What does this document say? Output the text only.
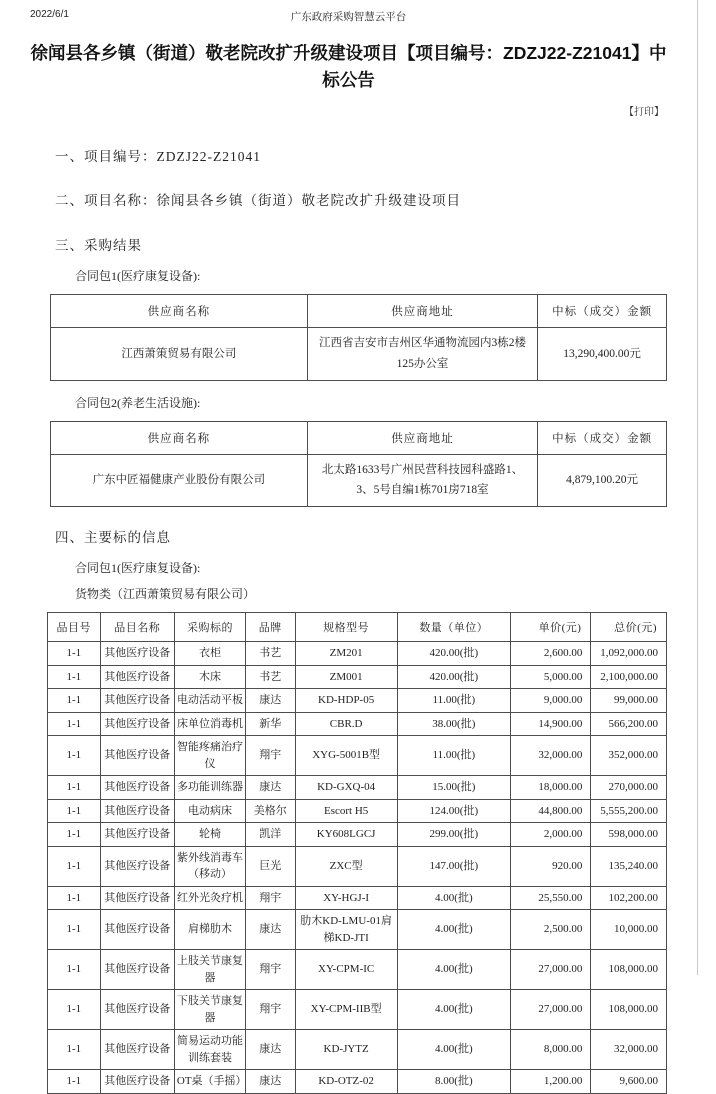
2022/6/1	广东政府采购智慧云平台
徐闻县各乡镇（街道）敬老院改扩升级建设项目【项目编号：ZDZJ22-Z21041】中标公告
【打印】
一、项目编号：ZDZJ22-Z21041
二、项目名称：徐闻县各乡镇（街道）敬老院改扩升级建设项目
三、采购结果
合同包1(医疗康复设备):
供应商名称	供应商地址	中标（成交）金额
江西萧策贸易有限公司	江西省吉安市吉州区华通物流园内3栋2楼125办公室	13,290,400.00元
合同包2(养老生活设施):
供应商名称	供应商地址	中标（成交）金额
广东中匠福健康产业股份有限公司	北太路1633号广州民营科技园科盛路1、3、5号自编1栋701房718室	4,879,100.20元
四、主要标的信息
合同包1(医疗康复设备):
货物类（江西萧策贸易有限公司）
品目号	品目名称	采购标的	品牌	规格型号	数量（单位）	单价(元)	总价(元)
1-1	其他医疗设备	衣柜	书艺	ZM201	420.00(批)	2,600.00	1,092,000.00
1-1	其他医疗设备	木床	书艺	ZM001	420.00(批)	5,000.00	2,100,000.00
1-1	其他医疗设备	电动活动平板	康达	KD-HDP-05	11.00(批)	9,000.00	99,000.00
1-1	其他医疗设备	床单位消毒机	新华	CBR.D	38.00(批)	14,900.00	566,200.00
1-1	其他医疗设备	智能疼痛治疗仪	翔宇	XYG-5001B型	11.00(批)	32,000.00	352,000.00
1-1	其他医疗设备	多功能训练器	康达	KD-GXQ-04	15.00(批)	18,000.00	270,000.00
1-1	其他医疗设备	电动病床	美格尔	Escort H5	124.00(批)	44,800.00	5,555,200.00
1-1	其他医疗设备	轮椅	凯洋	KY608LGCJ	299.00(批)	2,000.00	598,000.00
1-1	其他医疗设备	紫外线消毒车（移动）	巨光	ZXC型	147.00(批)	920.00	135,240.00
1-1	其他医疗设备	红外光灸疗机	翔宇	XY-HGJ-I	4.00(批)	25,550.00	102,200.00
1-1	其他医疗设备	肩梯肋木	康达	肋木KD-LMU-01肩梯KD-JTI	4.00(批)	2,500.00	10,000.00
1-1	其他医疗设备	上肢关节康复器	翔宇	XY-CPM-IC	4.00(批)	27,000.00	108,000.00
1-1	其他医疗设备	下肢关节康复器	翔宇	XY-CPM-IIB型	4.00(批)	27,000.00	108,000.00
1-1	其他医疗设备	简易运动功能训练套装	康达	KD-JYTZ	4.00(批)	8,000.00	32,000.00
1-1	其他医疗设备	OT桌（手摇）	康达	KD-OTZ-02	8.00(批)	1,200.00	9,600.00
